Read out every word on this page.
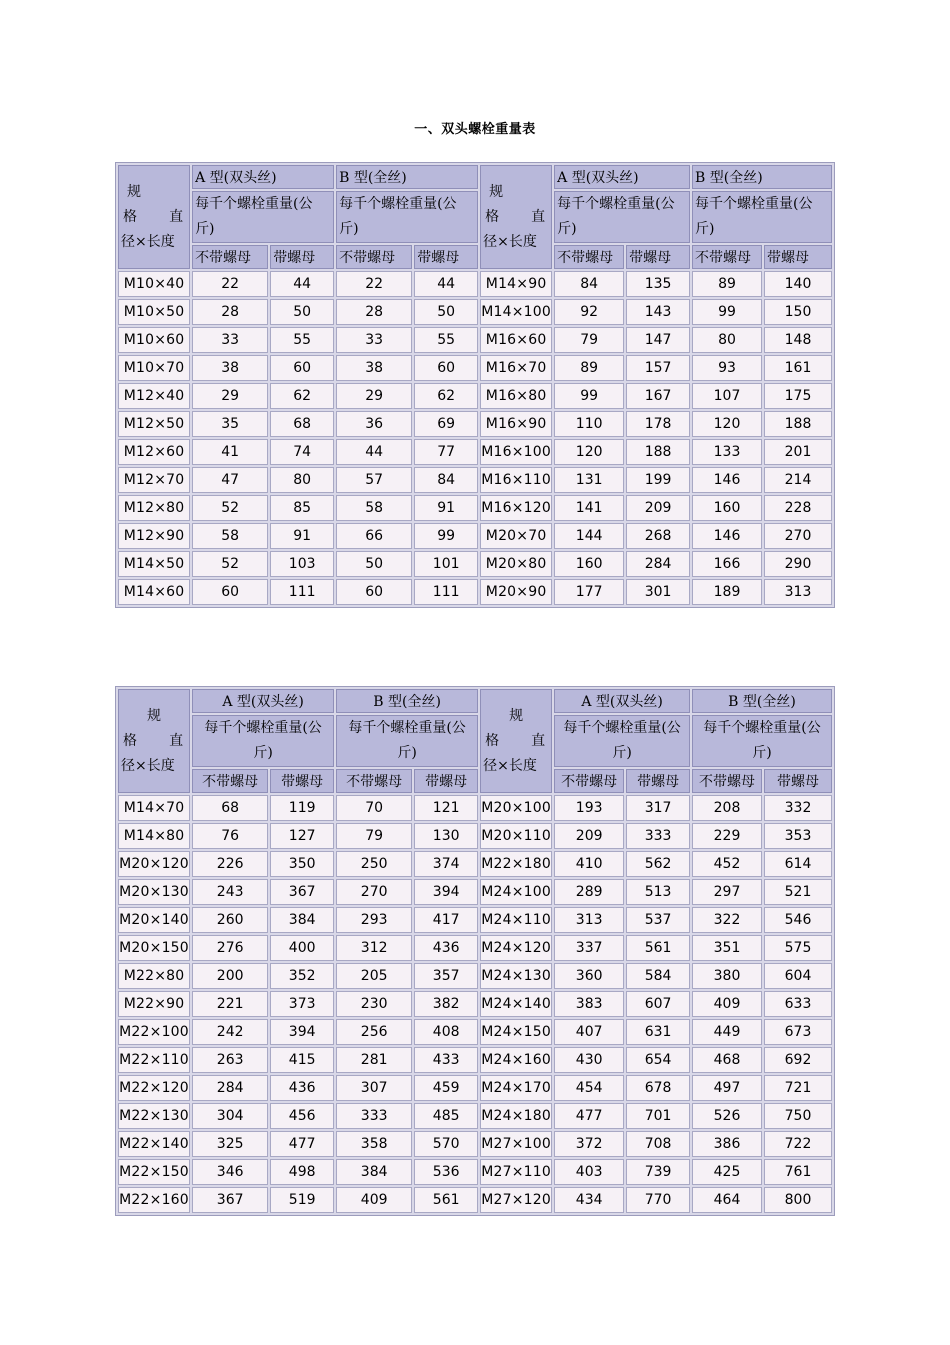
一、双头螺栓重量表
规
格 直
径×长度	A 型(双头丝)		B 型(全丝)		规
格 直
径×长度	A 型(双头丝)		B 型(全丝)	
	每千个螺栓重量(公
斤)		每千个螺栓重量(公
斤)			每千个螺栓重量(公
斤)		每千个螺栓重量(公
斤)	
	不带螺母	带螺母	不带螺母	带螺母		不带螺母	带螺母	不带螺母	带螺母
M10×40	22	44	22	44	M14×90	84	135	89	140
M10×50	28	50	28	50	M14×100	92	143	99	150
M10×60	33	55	33	55	M16×60	79	147	80	148
M10×70	38	60	38	60	M16×70	89	157	93	161
M12×40	29	62	29	62	M16×80	99	167	107	175
M12×50	35	68	36	69	M16×90	110	178	120	188
M12×60	41	74	44	77	M16×100	120	188	133	201
M12×70	47	80	57	84	M16×110	131	199	146	214
M12×80	52	85	58	91	M16×120	141	209	160	228
M12×90	58	91	66	99	M20×70	144	268	146	270
M14×50	52	103	50	101	M20×80	160	284	166	290
M14×60	60	111	60	111	M20×90	177	301	189	313
规
格 直
径×长度	A 型(双头丝)		B 型(全丝)		规
格 直
径×长度	A 型(双头丝)		B 型(全丝)	
	每千个螺栓重量(公
斤)		每千个螺栓重量(公
斤)			每千个螺栓重量(公
斤)		每千个螺栓重量(公
斤)	
	不带螺母	带螺母	不带螺母	带螺母		不带螺母	带螺母	不带螺母	带螺母
M14×70	68	119	70	121	M20×100	193	317	208	332
M14×80	76	127	79	130	M20×110	209	333	229	353
M20×120	226	350	250	374	M22×180	410	562	452	614
M20×130	243	367	270	394	M24×100	289	513	297	521
M20×140	260	384	293	417	M24×110	313	537	322	546
M20×150	276	400	312	436	M24×120	337	561	351	575
M22×80	200	352	205	357	M24×130	360	584	380	604
M22×90	221	373	230	382	M24×140	383	607	409	633
M22×100	242	394	256	408	M24×150	407	631	449	673
M22×110	263	415	281	433	M24×160	430	654	468	692
M22×120	284	436	307	459	M24×170	454	678	497	721
M22×130	304	456	333	485	M24×180	477	701	526	750
M22×140	325	477	358	570	M27×100	372	708	386	722
M22×150	346	498	384	536	M27×110	403	739	425	761
M22×160	367	519	409	561	M27×120	434	770	464	800
